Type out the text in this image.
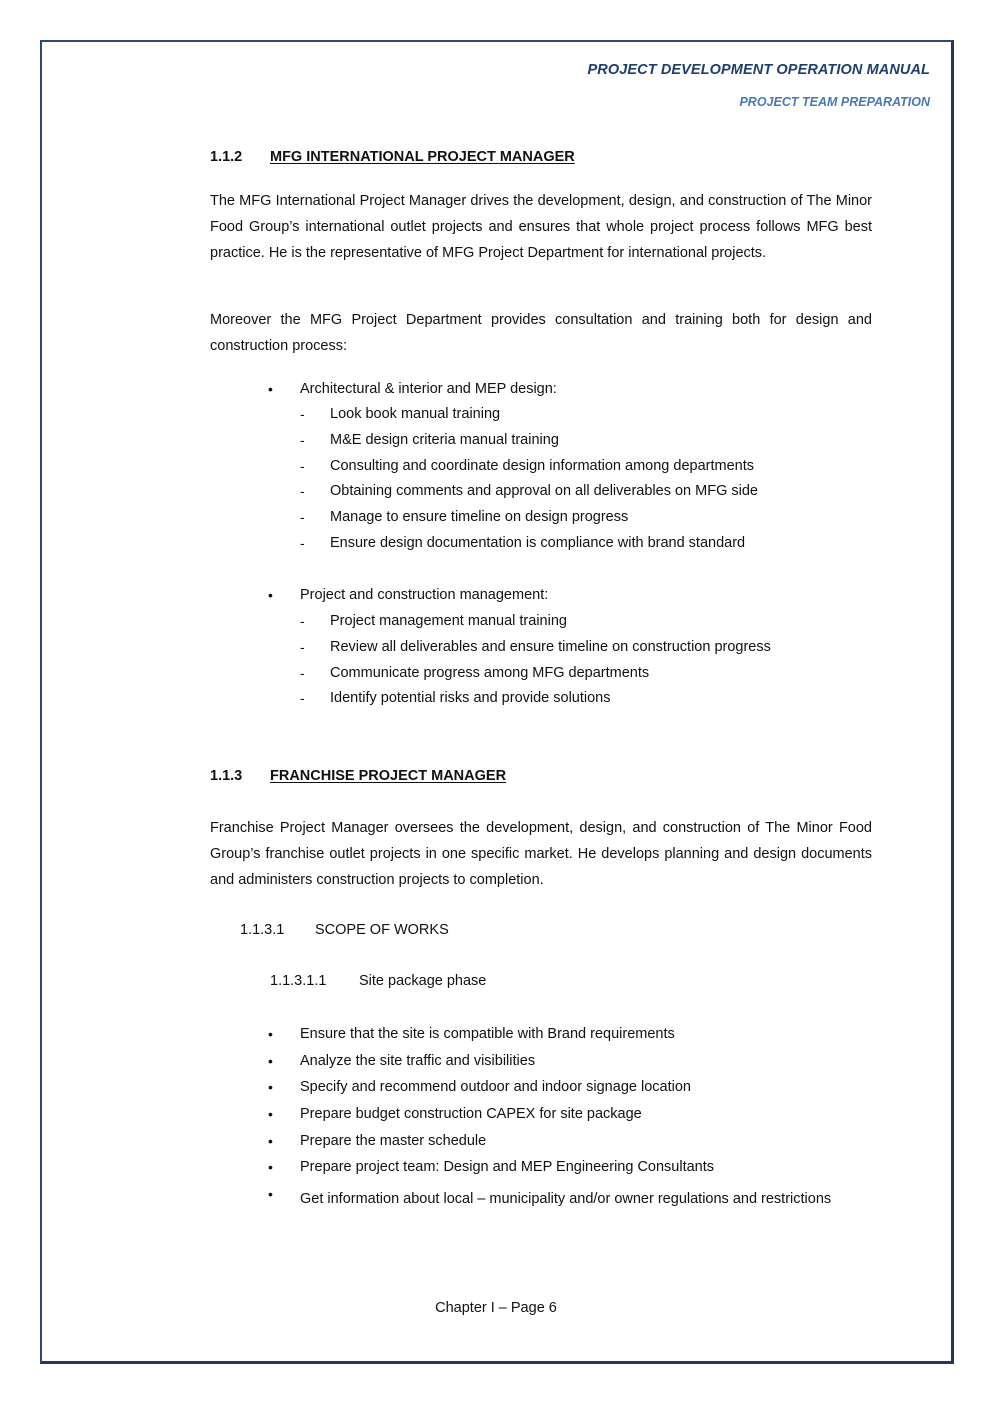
PROJECT DEVELOPMENT OPERATION MANUAL
PROJECT TEAM PREPARATION
1.1.2 MFG INTERNATIONAL PROJECT MANAGER
The MFG International Project Manager drives the development, design, and construction of The Minor Food Group’s international outlet projects and ensures that whole project process follows MFG best practice. He is the representative of MFG Project Department for international projects.
Moreover the MFG Project Department provides consultation and training both for design and construction process:
• Architectural & interior and MEP design:
- Look book manual training
- M&E design criteria manual training
- Consulting and coordinate design information among departments
- Obtaining comments and approval on all deliverables on MFG side
- Manage to ensure timeline on design progress
- Ensure design documentation is compliance with brand standard
• Project and construction management:
- Project management manual training
- Review all deliverables and ensure timeline on construction progress
- Communicate progress among MFG departments
- Identify potential risks and provide solutions
1.1.3 FRANCHISE PROJECT MANAGER
Franchise Project Manager oversees the development, design, and construction of The Minor Food Group’s franchise outlet projects in one specific market. He develops planning and design documents and administers construction projects to completion.
1.1.3.1 SCOPE OF WORKS
1.1.3.1.1 Site package phase
• Ensure that the site is compatible with Brand requirements
• Analyze the site traffic and visibilities
• Specify and recommend outdoor and indoor signage location
• Prepare budget construction CAPEX for site package
• Prepare the master schedule
• Prepare project team: Design and MEP Engineering Consultants
• Get information about local – municipality and/or owner regulations and restrictions
Chapter I – Page 6
